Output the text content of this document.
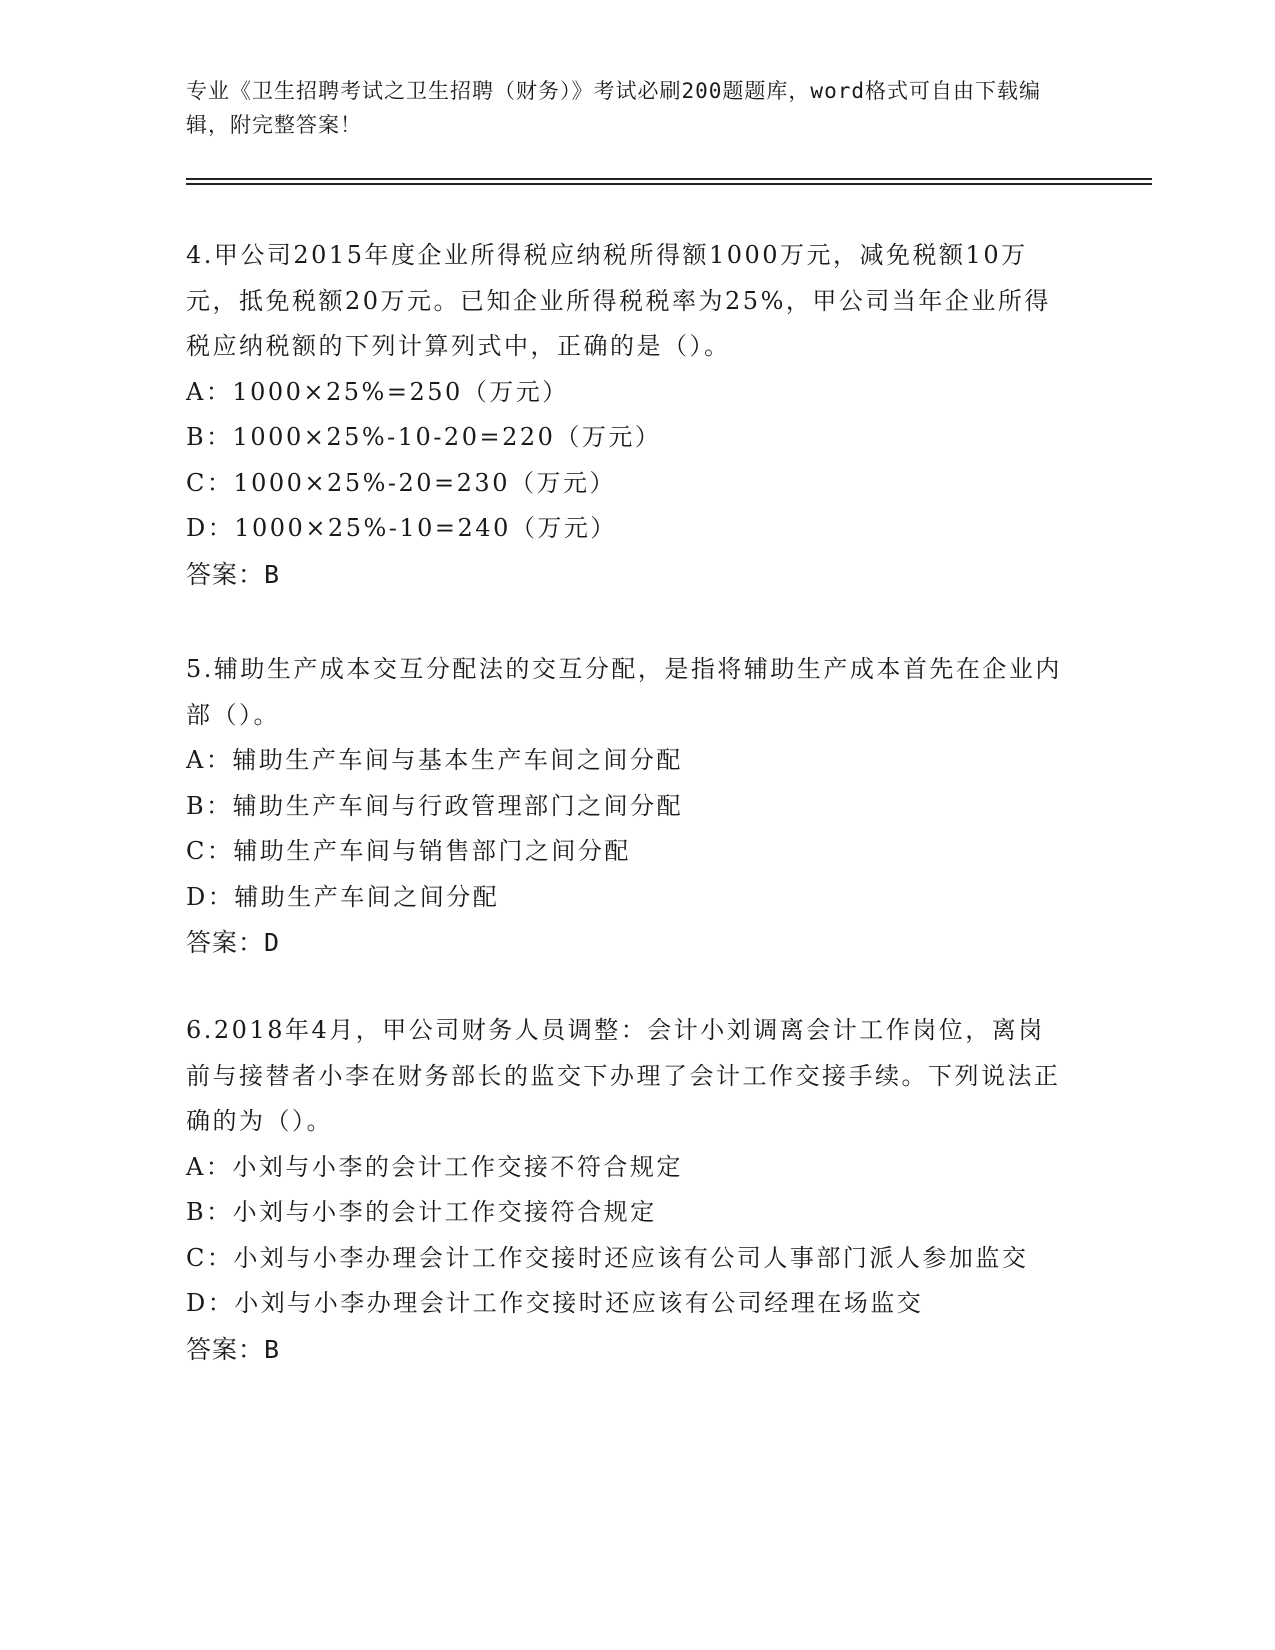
专业《卫生招聘考试之卫生招聘（财务）》考试必刷200题题库，word格式可自由下载编辑，附完整答案！

4.甲公司2015年度企业所得税应纳税所得额1000万元，减免税额10万元，抵免税额20万元。已知企业所得税税率为25%，甲公司当年企业所得税应纳税额的下列计算列式中，正确的是（）。

A：1000×25%=250（万元）

B：1000×25%-10-20=220（万元）

C：1000×25%-20=230（万元）

D：1000×25%-10=240（万元）

答案：B

5.辅助生产成本交互分配法的交互分配，是指将辅助生产成本首先在企业内部（）。

A：辅助生产车间与基本生产车间之间分配

B：辅助生产车间与行政管理部门之间分配

C：辅助生产车间与销售部门之间分配

D：辅助生产车间之间分配

答案：D

6.2018年4月，甲公司财务人员调整：会计小刘调离会计工作岗位，离岗前与接替者小李在财务部长的监交下办理了会计工作交接手续。下列说法正确的为（）。

A：小刘与小李的会计工作交接不符合规定

B：小刘与小李的会计工作交接符合规定

C：小刘与小李办理会计工作交接时还应该有公司人事部门派人参加监交

D：小刘与小李办理会计工作交接时还应该有公司经理在场监交

答案：B
